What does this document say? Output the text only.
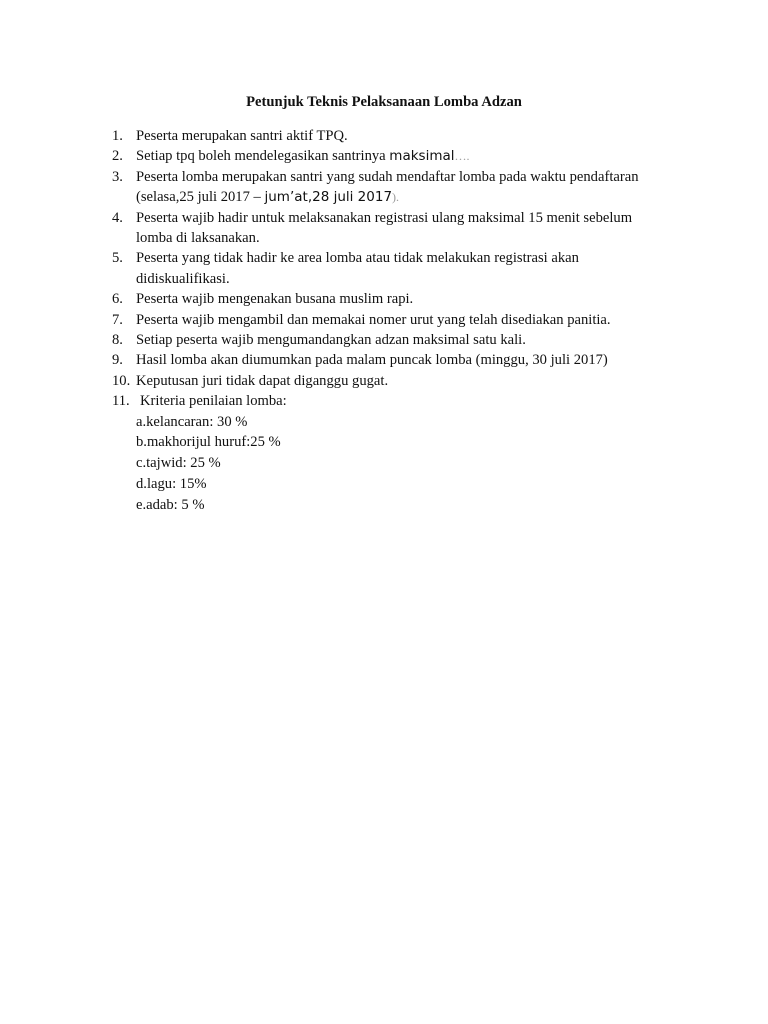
Petunjuk Teknis Pelaksanaan Lomba Adzan
1. Peserta merupakan santri aktif TPQ.
2. Setiap tpq boleh mendelegasikan santrinya maksimal….
3. Peserta lomba merupakan santri yang sudah mendaftar lomba pada waktu pendaftaran
(selasa,25 juli 2017 – jum’at,28 juli 2017).
4. Peserta wajib hadir untuk melaksanakan registrasi ulang maksimal 15 menit sebelum
lomba di laksanakan.
5. Peserta yang tidak hadir ke area lomba atau tidak melakukan registrasi akan
didiskualifikasi.
6. Peserta wajib mengenakan busana muslim rapi.
7. Peserta wajib mengambil dan memakai nomer urut yang telah disediakan panitia.
8. Setiap peserta wajib mengumandangkan adzan maksimal satu kali.
9. Hasil lomba akan diumumkan pada malam puncak lomba (minggu, 30 juli 2017)
10. Keputusan juri tidak dapat diganggu gugat.
11. Kriteria penilaian lomba:
a.kelancaran: 30 %
b.makhorijul huruf:25 %
c.tajwid: 25 %
d.lagu: 15%
e.adab: 5 %
